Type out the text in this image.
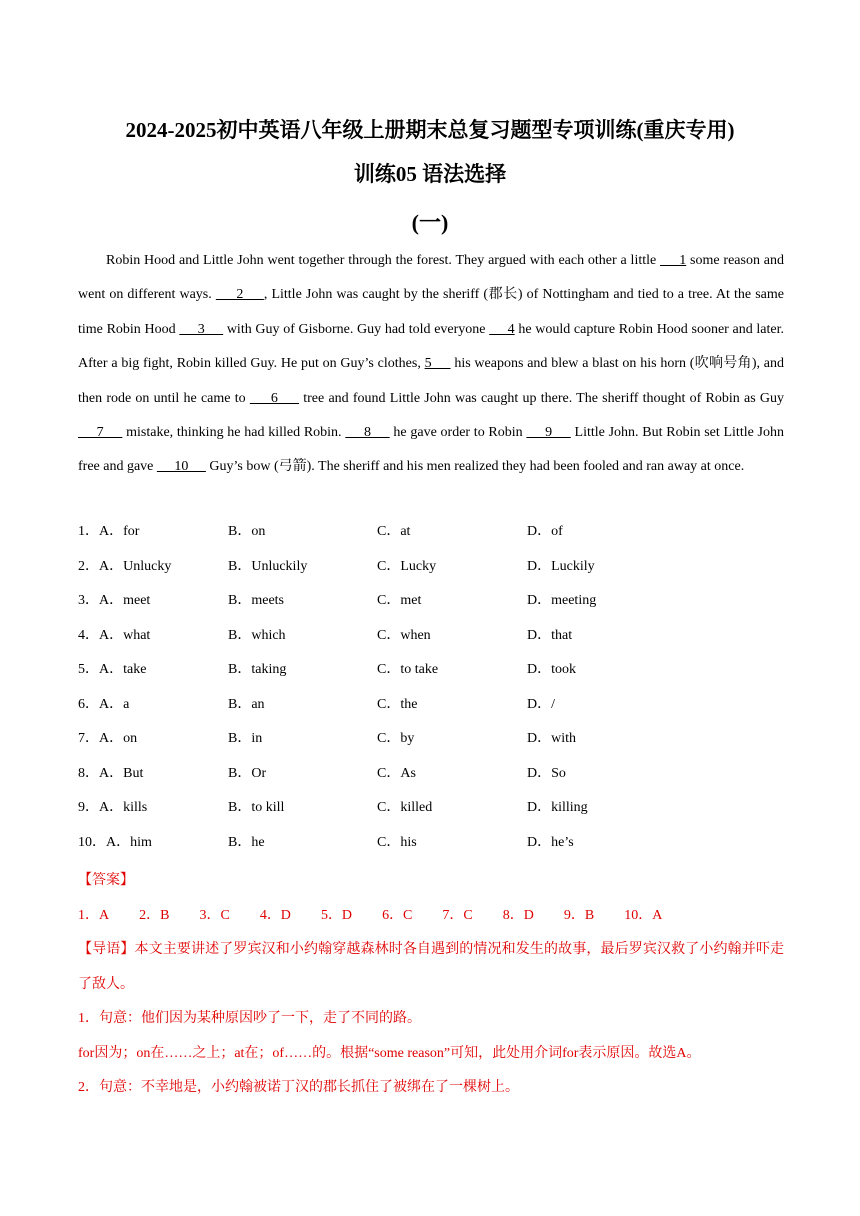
2024-2025初中英语八年级上册期末总复习题型专项训练(重庆专用)
训练05 语法选择
(一)

Robin Hood and Little John went together through the forest. They argued with each other a little      1 some reason and went on different ways.      2     , Little John was caught by the sheriff (郡长) of Nottingham and tied to a tree. At the same time Robin Hood      3      with Guy of Gisborne. Guy had told everyone      4 he would capture Robin Hood sooner and later. After a big fight, Robin killed Guy. He put on Guy’s clothes, 5      his weapons and blew a blast on his horn (吹响号角), and then rode on until he came to      6      tree and found Little John was caught up there. The sheriff thought of Robin as Guy      7      mistake, thinking he had killed Robin.      8      he gave order to Robin      9      Little John. But Robin set Little John free and gave      10      Guy’s bow (弓箭). The sheriff and his men realized they had been fooled and ran away at once.

1．A．for	B．on	C．at	D．of
2．A．Unlucky	B．Unluckily	C．Lucky	D．Luckily
3．A．meet	B．meets	C．met	D．meeting
4．A．what	B．which	C．when	D．that
5．A．take	B．taking	C．to take	D．took
6．A．a	B．an	C．the	D．/
7．A．on	B．in	C．by	D．with
8．A．But	B．Or	C．As	D．So
9．A．kills	B．to kill	C．killed	D．killing
10．A．him	B．he	C．his	D．he’s
【答案】
1．A 2．B 3．C 4．D 5．D 6．C 7．C 8．D 9．B 10．A
【导语】本文主要讲述了罗宾汉和小约翰穿越森林时各自遇到的情况和发生的故事，最后罗宾汉救了小约翰并吓走了敌人。
1．句意：他们因为某种原因吵了一下，走了不同的路。
for因为；on在……之上；at在；of……的。根据“some reason”可知，此处用介词for表示原因。故选A。
2．句意：不幸地是，小约翰被诺丁汉的郡长抓住了被绑在了一棵树上。
